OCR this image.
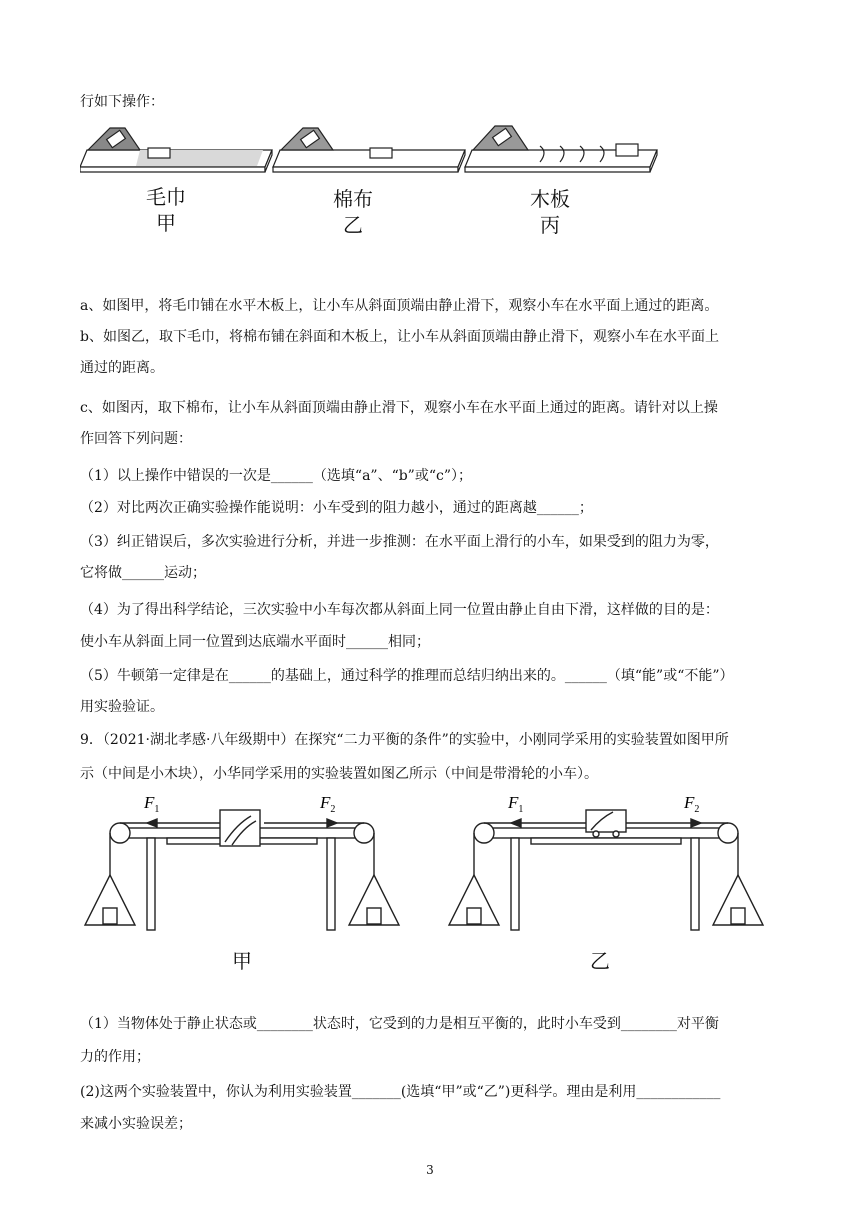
行如下操作：
毛巾
甲
棉布
乙
木板
丙
a、如图甲，将毛巾铺在水平木板上，让小车从斜面顶端由静止滑下，观察小车在水平面上通过的距离。
b、如图乙，取下毛巾，将棉布铺在斜面和木板上，让小车从斜面顶端由静止滑下，观察小车在水平面上
通过的距离。
c、如图丙，取下棉布，让小车从斜面顶端由静止滑下，观察小车在水平面上通过的距离。请针对以上操
作回答下列问题：
（1）以上操作中错误的一次是______（选填“a”、“b”或“c”）；
（2）对比两次正确实验操作能说明：小车受到的阻力越小，通过的距离越______；
（3）纠正错误后，多次实验进行分析，并进一步推测：在水平面上滑行的小车，如果受到的阻力为零，
它将做______运动；
（4）为了得出科学结论，三次实验中小车每次都从斜面上同一位置由静止自由下滑，这样做的目的是：
使小车从斜面上同一位置到达底端水平面时______相同；
（5）牛顿第一定律是在______的基础上，通过科学的推理而总结归纳出来的。______（填“能”或“不能”）
用实验验证。
9．（2021·湖北孝感·八年级期中）在探究“二力平衡的条件”的实验中，小刚同学采用的实验装置如图甲所
示（中间是小木块），小华同学采用的实验装置如图乙所示（中间是带滑轮的小车）。
$F_1$	$F_2$
甲
$F_1$	$F_2$
乙
（1）当物体处于静止状态或________状态时，它受到的力是相互平衡的，此时小车受到________对平衡
力的作用；
(2)这两个实验装置中，你认为利用实验装置_______(选填“甲”或“乙”)更科学。理由是利用____________
来减小实验误差；
3
